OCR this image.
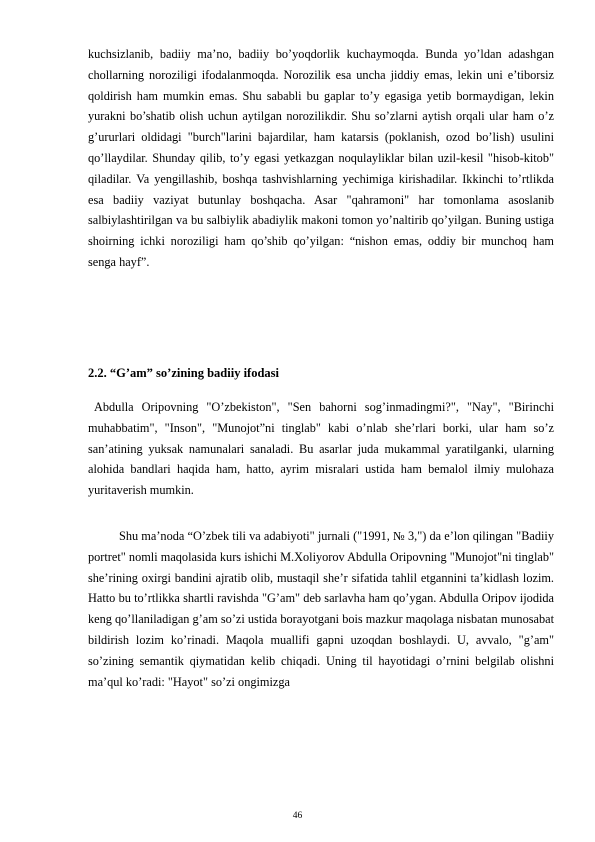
kuchsizlanib, badiiy ma’no, badiiy bo’yoqdorlik kuchaymoqda. Bunda yo’ldan adashgan chollarning noroziligi ifodalanmoqda. Norozilik esa uncha jiddiy emas, lekin uni e’tiborsiz qoldirish ham mumkin emas. Shu sababli bu gaplar to’y egasiga yetib bormaydigan, lekin yurakni bo’shatib olish uchun aytilgan norozilikdir. Shu so’zlarni aytish orqali ular ham o’z g’ururlari oldidagi "burch"larini bajardilar, ham katarsis (poklanish, ozod bo’lish) usulini qo’llaydilar. Shunday qilib, to’y egasi yetkazgan noqulayliklar bilan uzil-kesil "hisob-kitob" qiladilar. Va yengillashib, boshqa tashvishlarning yechimiga kirishadilar. Ikkinchi to’rtlikda esa badiiy vaziyat butunlay boshqacha. Asar "qahramoni" har tomonlama asoslanib salbiylashtirilgan va bu salbiylik abadiylik makoni tomon yo’naltirib qo’yilgan. Buning ustiga shoirning ichki noroziligi ham qo’shib qo’yilgan: “nishon emas, oddiy bir munchoq ham senga hayf”.

2.2. “G’am” so’zining badiiy ifodasi

Abdulla Oripovning "O’zbekiston", "Sen bahorni sog’inmadingmi?", "Nay", "Birinchi muhabbatim", "Inson", "Munojot”ni tinglab" kabi o’nlab she’rlari borki, ular ham so’z san’atining yuksak namunalari sanaladi. Bu asarlar juda mukammal yaratilganki, ularning alohida bandlari haqida ham, hatto, ayrim misralari ustida ham bemalol ilmiy mulohaza yuritaverish mumkin.

Shu ma’noda “O’zbek tili va adabiyoti" jurnali ("1991, № 3,") da e’lon qilingan "Badiiy portret" nomli maqolasida kurs ishichi M.Xoliyorov Abdulla Oripovning "Munojot"ni tinglab" she’rining oxirgi bandini ajratib olib, mustaqil she’r sifatida tahlil etgannini ta’kidlash lozim. Hatto bu to’rtlikka shartli ravishda "G’am" deb sarlavha ham qo’ygan. Abdulla Oripov ijodida keng qo’llaniladigan g’am so’zi ustida borayotgani bois mazkur maqolaga nisbatan munosabat bildirish lozim ko’rinadi. Maqola muallifi gapni uzoqdan boshlaydi. U, avvalo, "g’am" so’zining semantik qiymatidan kelib chiqadi. Uning til hayotidagi o’rnini belgilab olishni ma’qul ko’radi: "Hayot" so’zi ongimizga

46
